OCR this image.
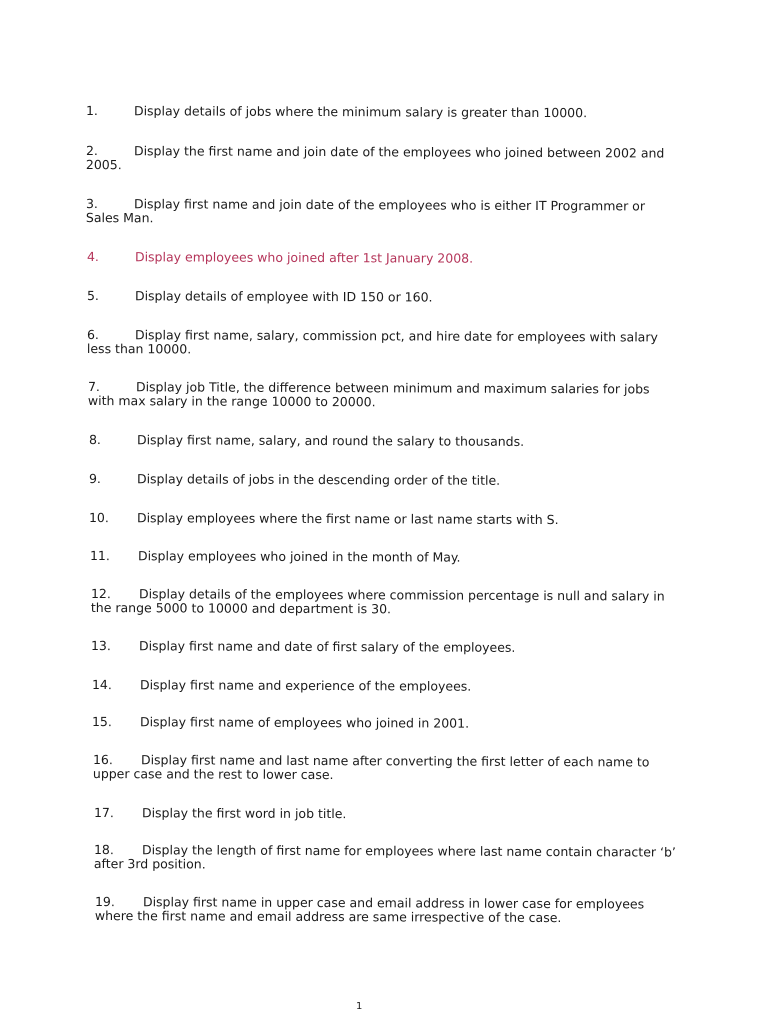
1.	Display details of jobs where the minimum salary is greater than 10000.
2.	Display the first name and join date of the employees who joined between 2002 and 2005.
3.	Display first name and join date of the employees who is either IT Programmer or Sales Man.
4.	Display employees who joined after 1st January 2008.
5.	Display details of employee with ID 150 or 160.
6.	Display first name, salary, commission pct, and hire date for employees with salary less than 10000.
7.	Display job Title, the difference between minimum and maximum salaries for jobs with max salary in the range 10000 to 20000.
8.	Display first name, salary, and round the salary to thousands.
9.	Display details of jobs in the descending order of the title.
10. Display employees where the first name or last name starts with S.
11. Display employees who joined in the month of May.
12. Display details of the employees where commission percentage is null and salary in the range 5000 to 10000 and department is 30.
13. Display first name and date of first salary of the employees.
14. Display first name and experience of the employees.
15. Display first name of employees who joined in 2001.
16. Display first name and last name after converting the first letter of each name to upper case and the rest to lower case.
17. Display the first word in job title.
18. Display the length of first name for employees where last name contain character ‘b’ after 3rd position.
19. Display first name in upper case and email address in lower case for employees where the first name and email address are same irrespective of the case.
1
